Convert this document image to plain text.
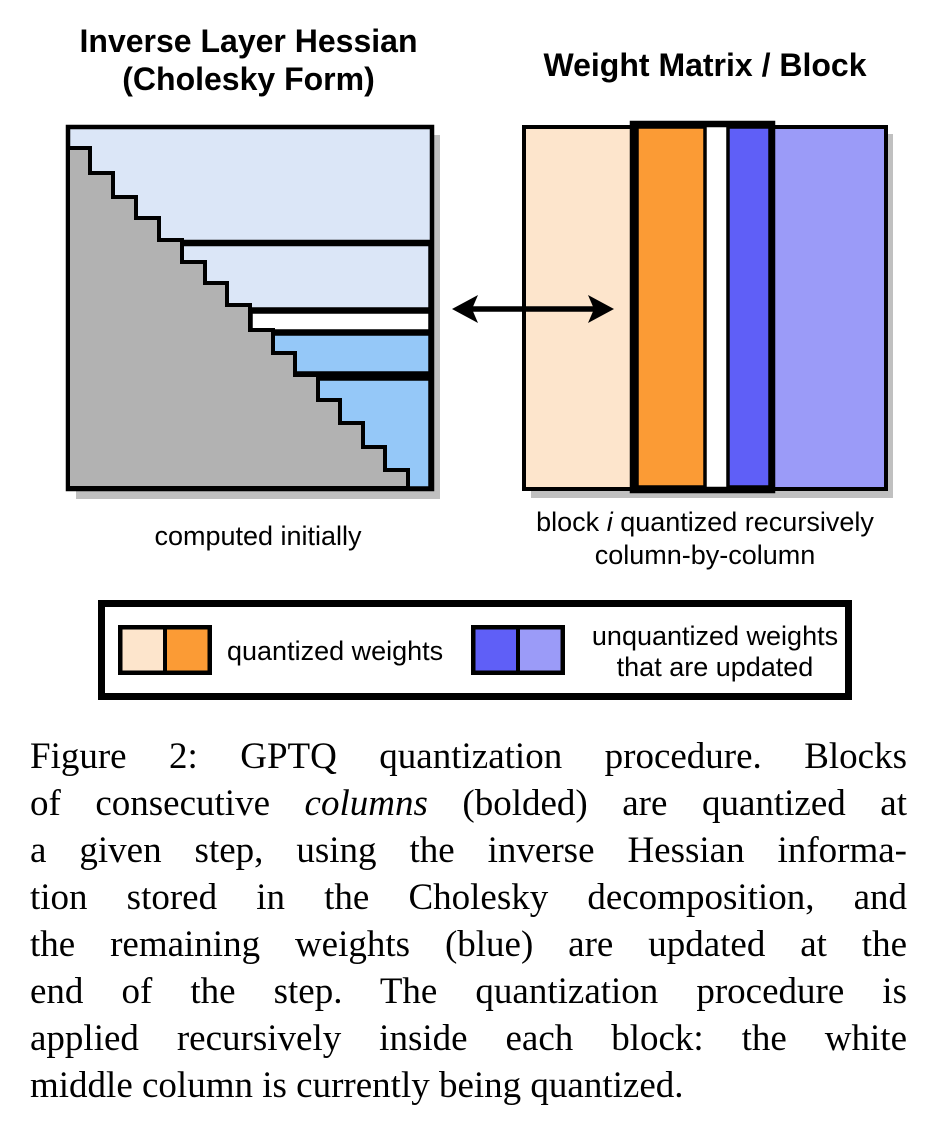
Inverse Layer Hessian
(Cholesky Form)	Weight Matrix / Block
computed initially	block i quantized recursively
column-by-column
quantized weights	unquantized weights
that are updated
Figure 2: GPTQ quantization procedure. Blocks
of consecutive columns (bolded) are quantized at
a given step, using the inverse Hessian informa-
tion stored in the Cholesky decomposition, and
the remaining weights (blue) are updated at the
end of the step. The quantization procedure is
applied recursively inside each block: the white
middle column is currently being quantized.
